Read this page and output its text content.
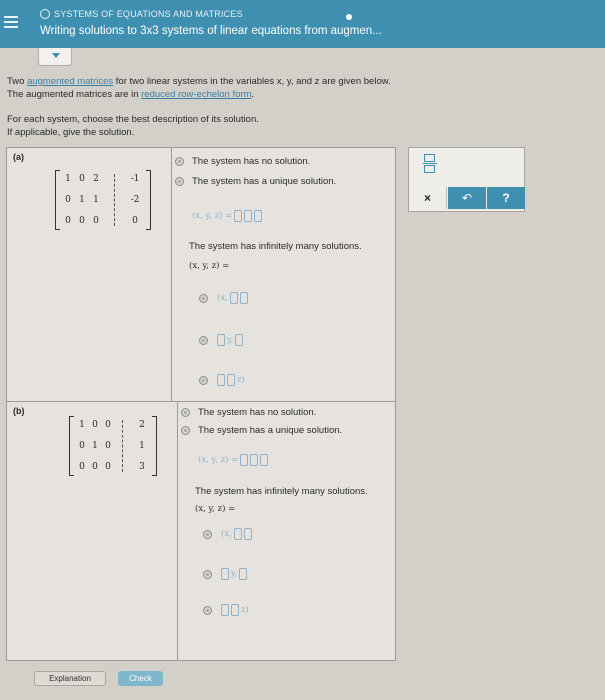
SYSTEMS OF EQUATIONS AND MATRICES
Writing solutions to 3x3 systems of linear equations from augmen...
Two augmented matrices for two linear systems in the variables x, y, and z are given below.
The augmented matrices are in reduced row-echelon form.
For each system, choose the best description of its solution.
If applicable, give the solution.
(a)
1 0 2	-1
0 1 1	-2
0 0 0	0
The system has no solution.
The system has a unique solution.
(x, y, z) =
The system has infinitely many solutions.
(x, y, z) =
(x,
y,
z)
(b)
1 0 0	2
0 1 0	1
0 0 0	3
The system has no solution.
The system has a unique solution.
(x, y, z) =
The system has infinitely many solutions.
(x, y, z) =
(x,
y,
z)
×	↶	?
Explanation	Check
